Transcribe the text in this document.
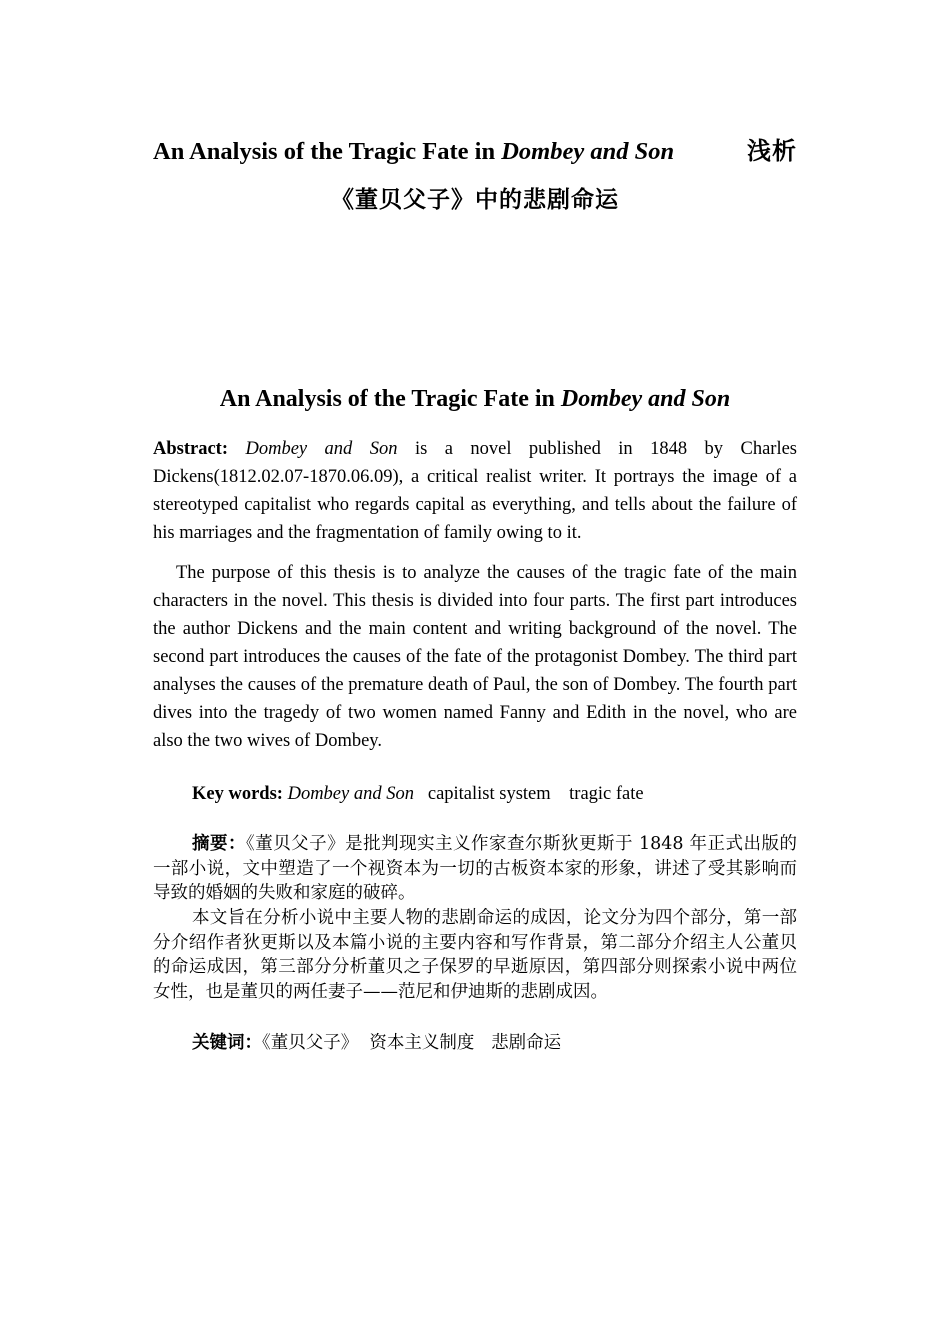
An Analysis of the Tragic Fate in Dombey and Son	浅析
《董贝父子》中的悲剧命运
An Analysis of the Tragic Fate in Dombey and Son
Abstract: Dombey and Son is a novel published in 1848 by Charles Dickens(1812.02.07-1870.06.09), a critical realist writer. It portrays the image of a stereotyped capitalist who regards capital as everything, and tells about the failure of his marriages and the fragmentation of family owing to it.
The purpose of this thesis is to analyze the causes of the tragic fate of the main characters in the novel. This thesis is divided into four parts. The first part introduces the author Dickens and the main content and writing background of the novel. The second part introduces the causes of the fate of the protagonist Dombey. The third part analyses the causes of the premature death of Paul, the son of Dombey. The fourth part dives into the tragedy of two women named Fanny and Edith in the novel, who are also the two wives of Dombey.
Key words: Dombey and Son   capitalist system    tragic fate
摘要：《董贝父子》是批判现实主义作家查尔斯狄更斯于 1848 年正式出版的一部小说，文中塑造了一个视资本为一切的古板资本家的形象，讲述了受其影响而导致的婚姻的失败和家庭的破碎。
本文旨在分析小说中主要人物的悲剧命运的成因，论文分为四个部分，第一部分介绍作者狄更斯以及本篇小说的主要内容和写作背景，第二部分介绍主人公董贝的命运成因，第三部分分析董贝之子保罗的早逝原因，第四部分则探索小说中两位女性，也是董贝的两任妻子——范尼和伊迪斯的悲剧成因。
关键词：《董贝父子》  资本主义制度   悲剧命运
